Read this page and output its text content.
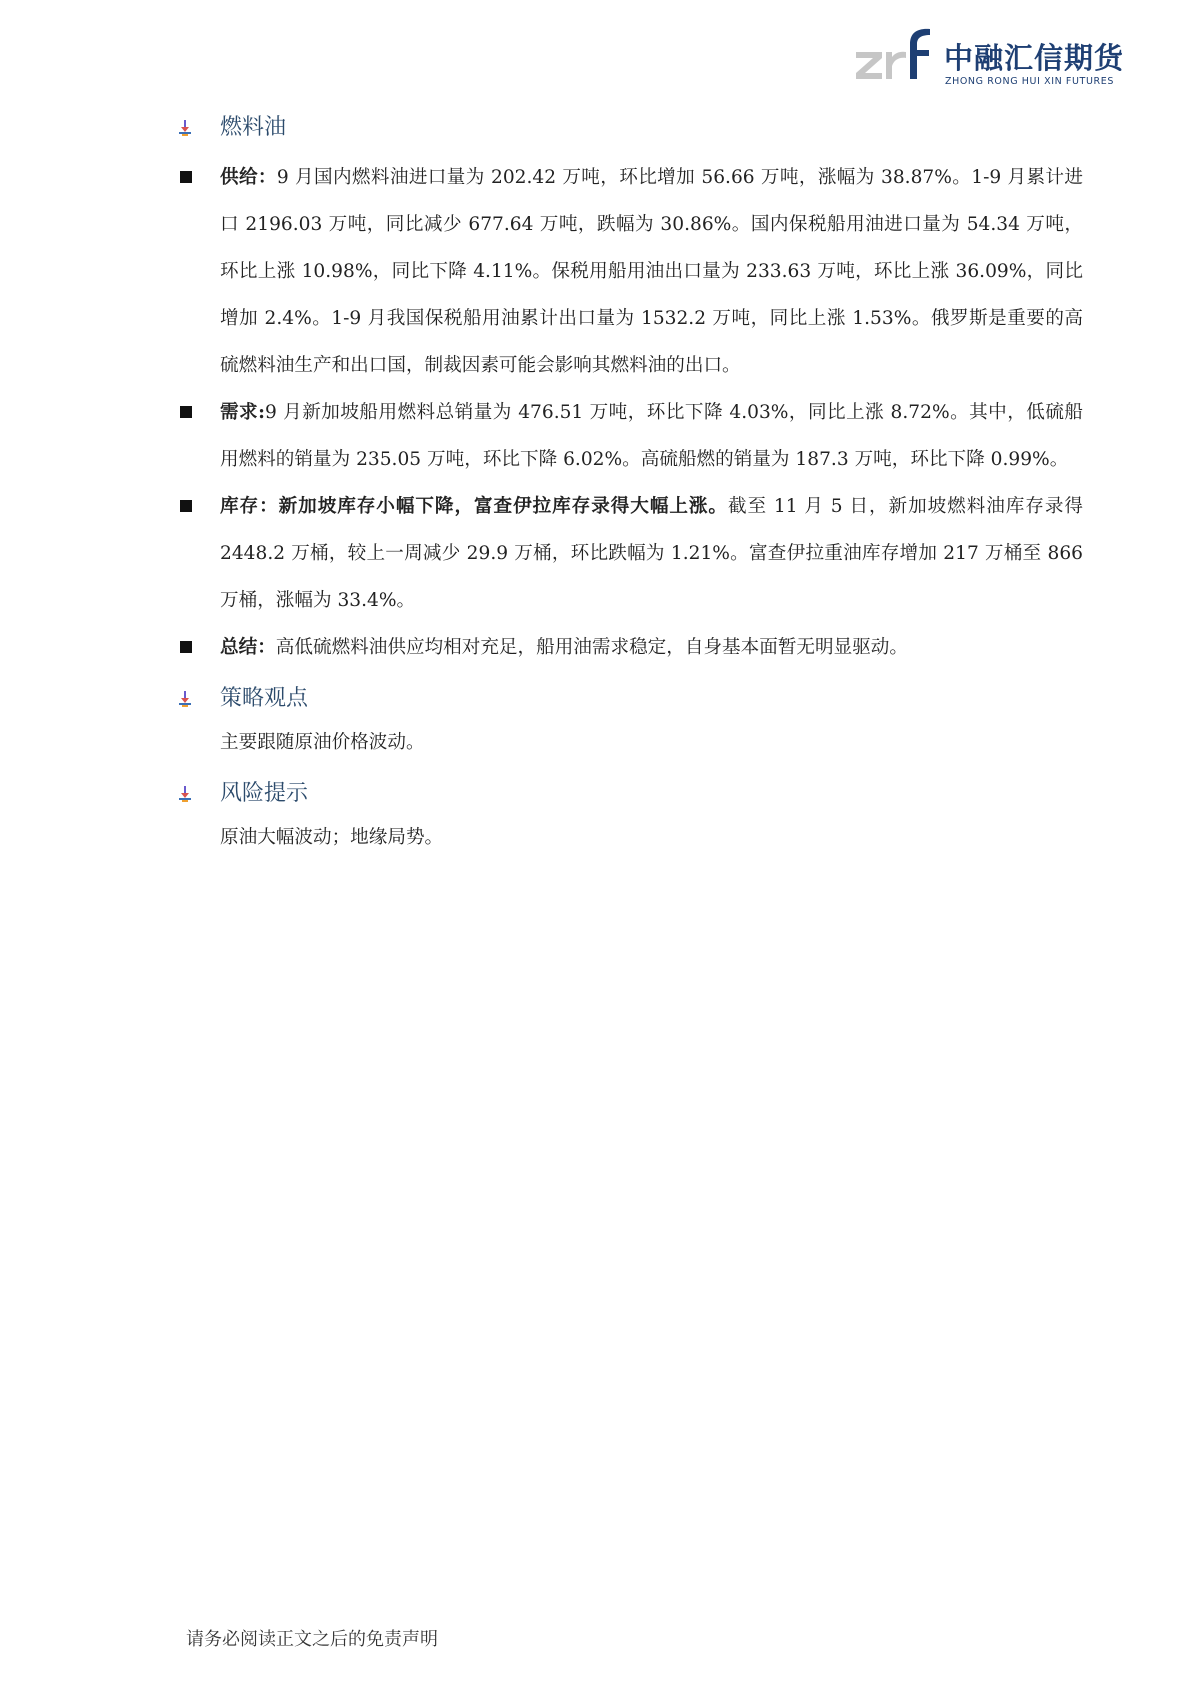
中融汇信期货
ZHONG RONG HUI XIN FUTURES
燃料油
供给：9 月国内燃料油进口量为 202.42 万吨，环比增加 56.66 万吨，涨幅为 38.87%。1-9 月累计进口 2196.03 万吨，同比减少 677.64 万吨，跌幅为 30.86%。国内保税船用油进口量为 54.34 万吨，环比上涨 10.98%，同比下降 4.11%。保税用船用油出口量为 233.63 万吨，环比上涨 36.09%，同比增加 2.4%。1-9 月我国保税船用油累计出口量为 1532.2 万吨，同比上涨 1.53%。俄罗斯是重要的高硫燃料油生产和出口国，制裁因素可能会影响其燃料油的出口。
需求:9 月新加坡船用燃料总销量为 476.51 万吨，环比下降 4.03%，同比上涨 8.72%。其中，低硫船用燃料的销量为 235.05 万吨，环比下降 6.02%。高硫船燃的销量为 187.3 万吨，环比下降 0.99%。
库存：新加坡库存小幅下降，富查伊拉库存录得大幅上涨。截至 11 月 5 日，新加坡燃料油库存录得 2448.2 万桶，较上一周减少 29.9 万桶，环比跌幅为 1.21%。富查伊拉重油库存增加 217 万桶至 866 万桶，涨幅为 33.4%。
总结：高低硫燃料油供应均相对充足，船用油需求稳定，自身基本面暂无明显驱动。
策略观点
主要跟随原油价格波动。
风险提示
原油大幅波动；地缘局势。
请务必阅读正文之后的免责声明
